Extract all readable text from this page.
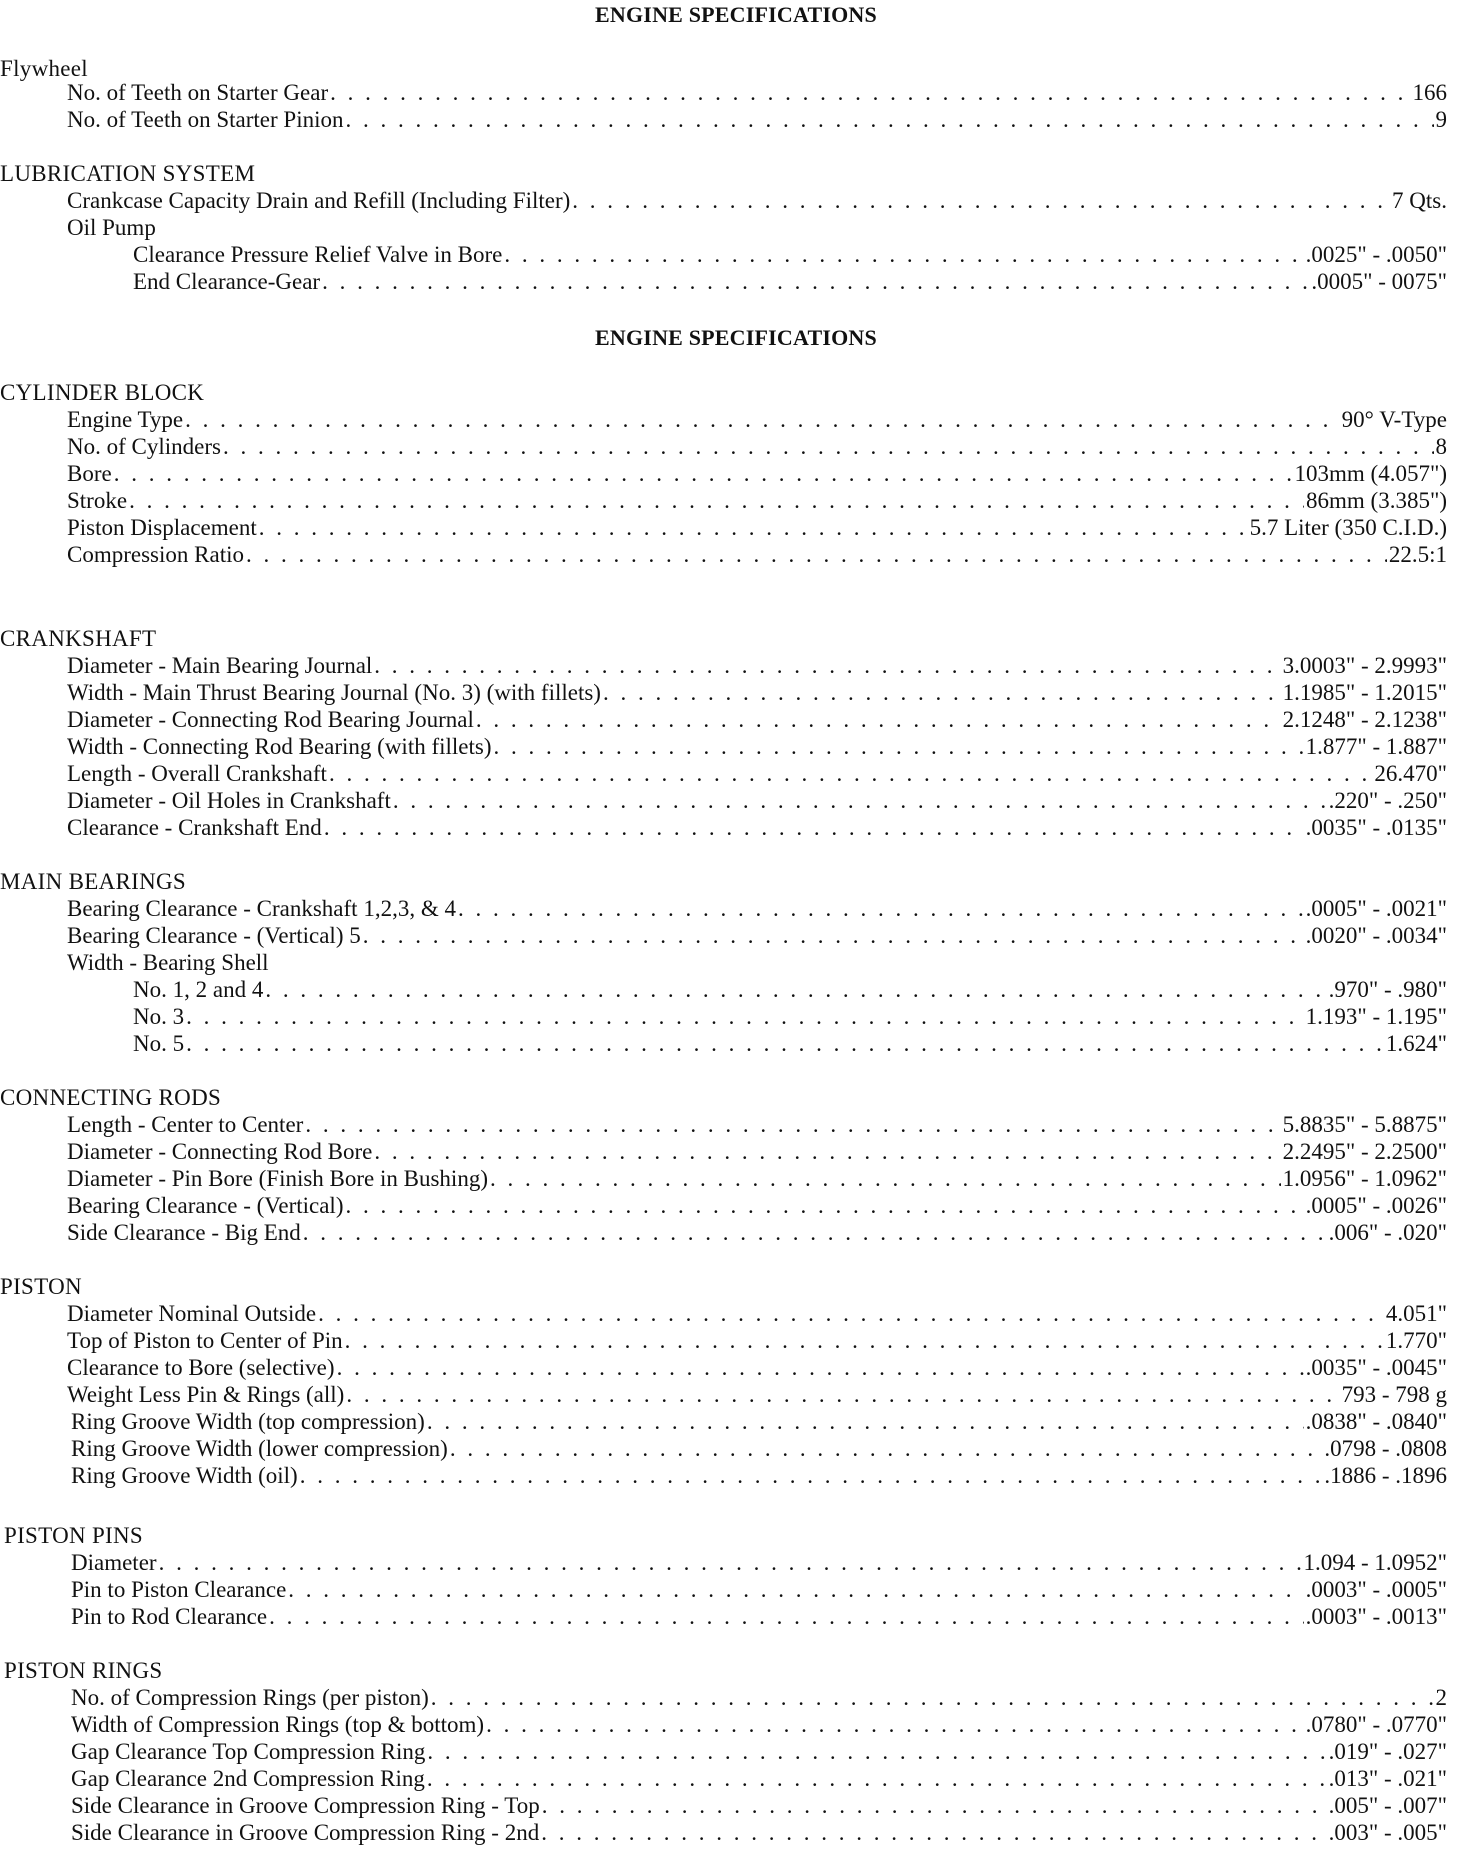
ENGINE SPECIFICATIONS
Flywheel
No. of Teeth on Starter Gear . . .	166
No. of Teeth on Starter Pinion . . .	9
LUBRICATION SYSTEM
Crankcase Capacity Drain and Refill (Including Filter) . . .	7 Qts.
Oil Pump
Clearance Pressure Relief Valve in Bore . . .	.0025" - .0050"
End Clearance-Gear . . .	.0005" - 0075"
ENGINE SPECIFICATIONS
CYLINDER BLOCK
Engine Type . . .	90° V-Type
No. of Cylinders . . .	8
Bore . . .	103mm (4.057")
Stroke . . .	86mm (3.385")
Piston Displacement . . .	5.7 Liter (350 C.I.D.)
Compression Ratio . . .	22.5:1
CRANKSHAFT
Diameter - Main Bearing Journal . . .	3.0003" - 2.9993"
Width - Main Thrust Bearing Journal (No. 3) (with fillets) . . .	1.1985" - 1.2015"
Diameter - Connecting Rod Bearing Journal . . .	2.1248" - 2.1238"
Width - Connecting Rod Bearing (with fillets) . . .	1.877" - 1.887"
Length - Overall Crankshaft . . .	26.470"
Diameter - Oil Holes in Crankshaft . . .	.220" - .250"
Clearance - Crankshaft End . . .	.0035" - .0135"
MAIN BEARINGS
Bearing Clearance - Crankshaft 1,2,3, & 4 . . .	.0005" - .0021"
Bearing Clearance - (Vertical) 5 . . .	.0020" - .0034"
Width - Bearing Shell
No. 1, 2 and 4 . . .	.970" - .980"
No. 3 . . .	1.193" - 1.195"
No. 5 . . .	1.624"
CONNECTING RODS
Length - Center to Center . . .	5.8835" - 5.8875"
Diameter - Connecting Rod Bore . . .	2.2495" - 2.2500"
Diameter - Pin Bore (Finish Bore in Bushing) . . .	1.0956" - 1.0962"
Bearing Clearance - (Vertical) . . .	.0005" - .0026"
Side Clearance - Big End . . .	.006" - .020"
PISTON
Diameter Nominal Outside . . .	4.051"
Top of Piston to Center of Pin . . .	1.770"
Clearance to Bore (selective) . . .	.0035" - .0045"
Weight Less Pin & Rings (all) . . .	793 - 798 g
Ring Groove Width (top compression) . . .	.0838" - .0840"
Ring Groove Width (lower compression) . . .	.0798 - .0808
Ring Groove Width (oil) . . .	.1886 - .1896
PISTON PINS
Diameter . . .	1.094 - 1.0952"
Pin to Piston Clearance . . .	.0003" - .0005"
Pin to Rod Clearance . . .	.0003" - .0013"
PISTON RINGS
No. of Compression Rings (per piston) . . .	2
Width of Compression Rings (top & bottom) . . .	.0780" - .0770"
Gap Clearance Top Compression Ring . . .	.019" - .027"
Gap Clearance 2nd Compression Ring . . .	.013" - .021"
Side Clearance in Groove Compression Ring - Top . . .	.005" - .007"
Side Clearance in Groove Compression Ring - 2nd . . .	.003" - .005"
